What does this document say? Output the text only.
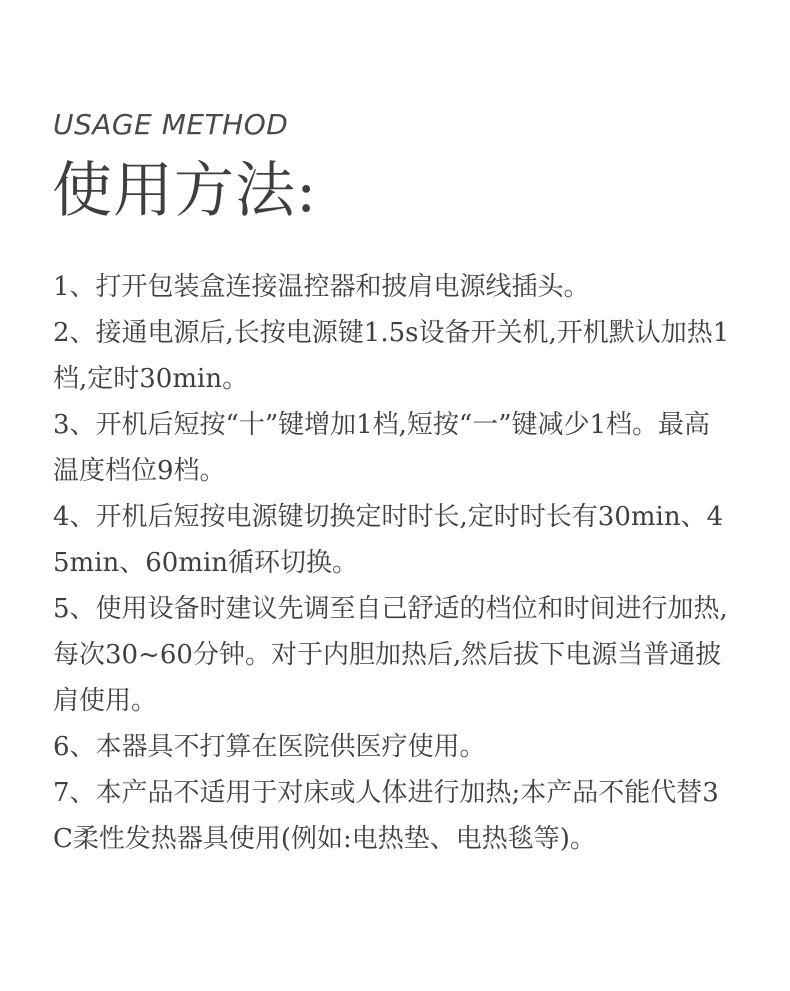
USAGE METHOD
使用方法:

1、打开包装盒连接温控器和披肩电源线插头。

2、接通电源后,长按电源键1.5s设备开关机,开机默认加热1档,定时30min。

3、开机后短按“十”键增加1档,短按“一”键减少1档。最高温度档位9档。

4、开机后短按电源键切换定时时长,定时时长有30min、45min、60min循环切换。

5、使用设备时建议先调至自己舒适的档位和时间进行加热, 每次30~60分钟。对于内胆加热后,然后拔下电源当普通披肩使用。

6、本器具不打算在医院供医疗使用。

7、本产品不适用于对床或人体进行加热;本产品不能代替3C柔性发热器具使用(例如:电热垫、电热毯等)。
